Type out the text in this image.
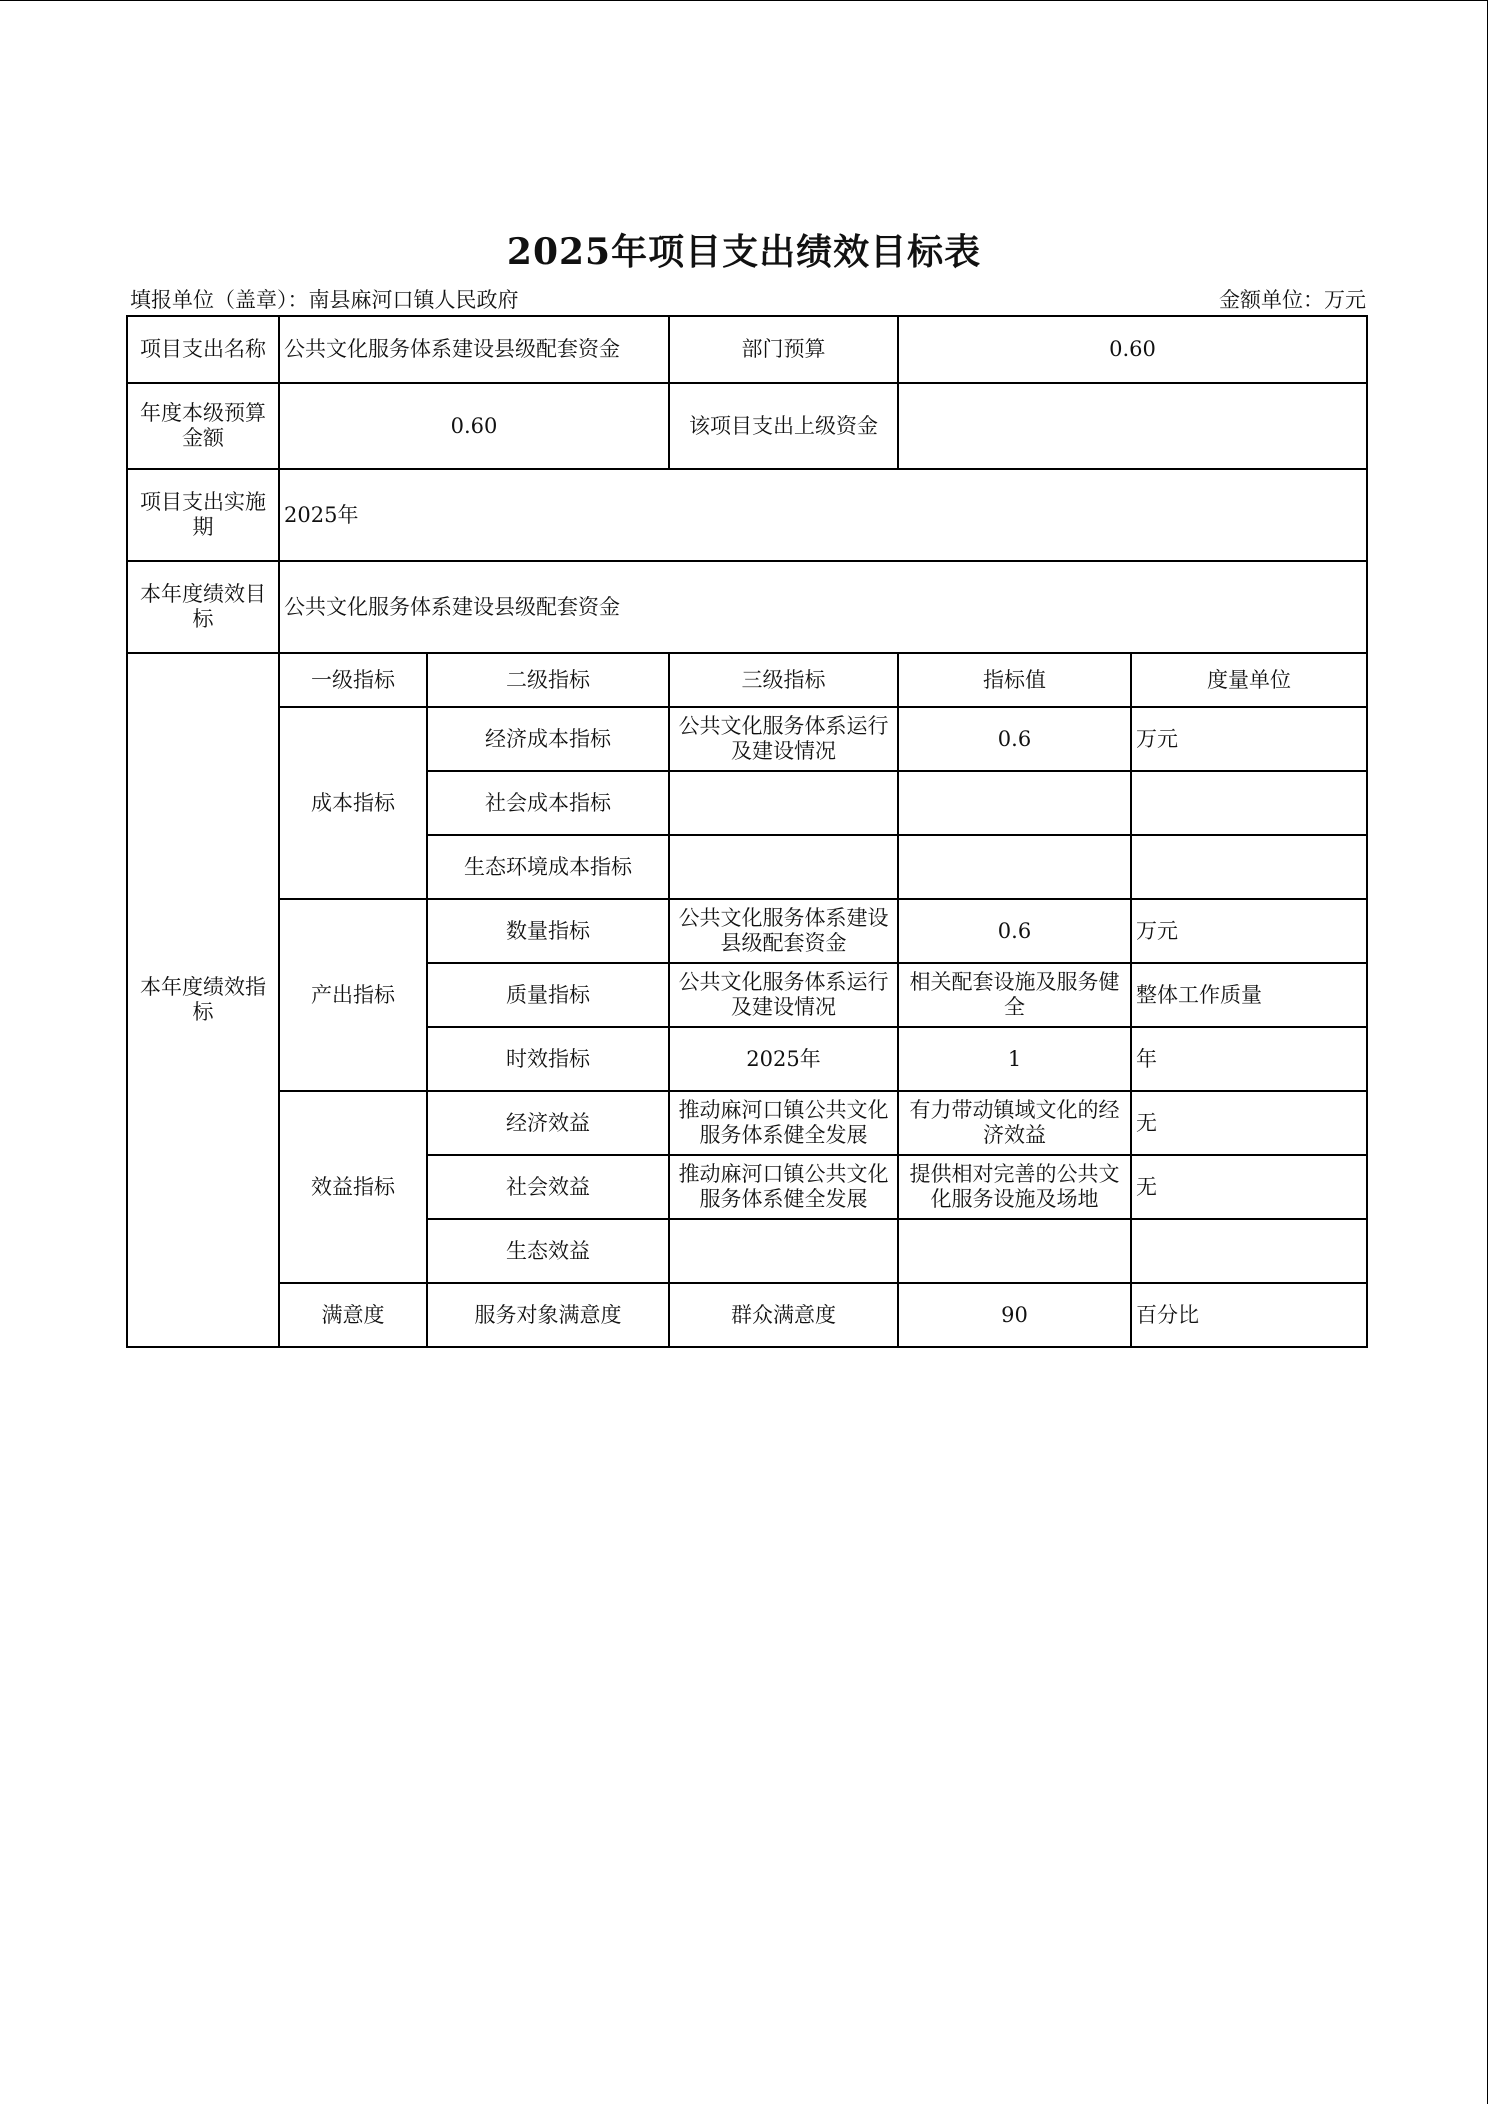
2025年项目支出绩效目标表
填报单位（盖章）：南县麻河口镇人民政府	金额单位：万元
项目支出名称	公共文化服务体系建设县级配套资金		部门预算	0.60	
年度本级预算金额	0.60		该项目支出上级资金		
项目支出实施期	2025年				
本年度绩效目标	公共文化服务体系建设县级配套资金				
本年度绩效指标	一级指标	二级指标	三级指标	指标值	度量单位
	成本指标	经济成本指标	公共文化服务体系运行及建设情况	0.6	万元
		社会成本指标			
		生态环境成本指标			
	产出指标	数量指标	公共文化服务体系建设县级配套资金	0.6	万元
		质量指标	公共文化服务体系运行及建设情况	相关配套设施及服务健全	整体工作质量
		时效指标	2025年	1	年
	效益指标	经济效益	推动麻河口镇公共文化服务体系健全发展	有力带动镇域文化的经济效益	无
		社会效益	推动麻河口镇公共文化服务体系健全发展	提供相对完善的公共文化服务设施及场地	无
		生态效益			
	满意度	服务对象满意度	群众满意度	90	百分比
